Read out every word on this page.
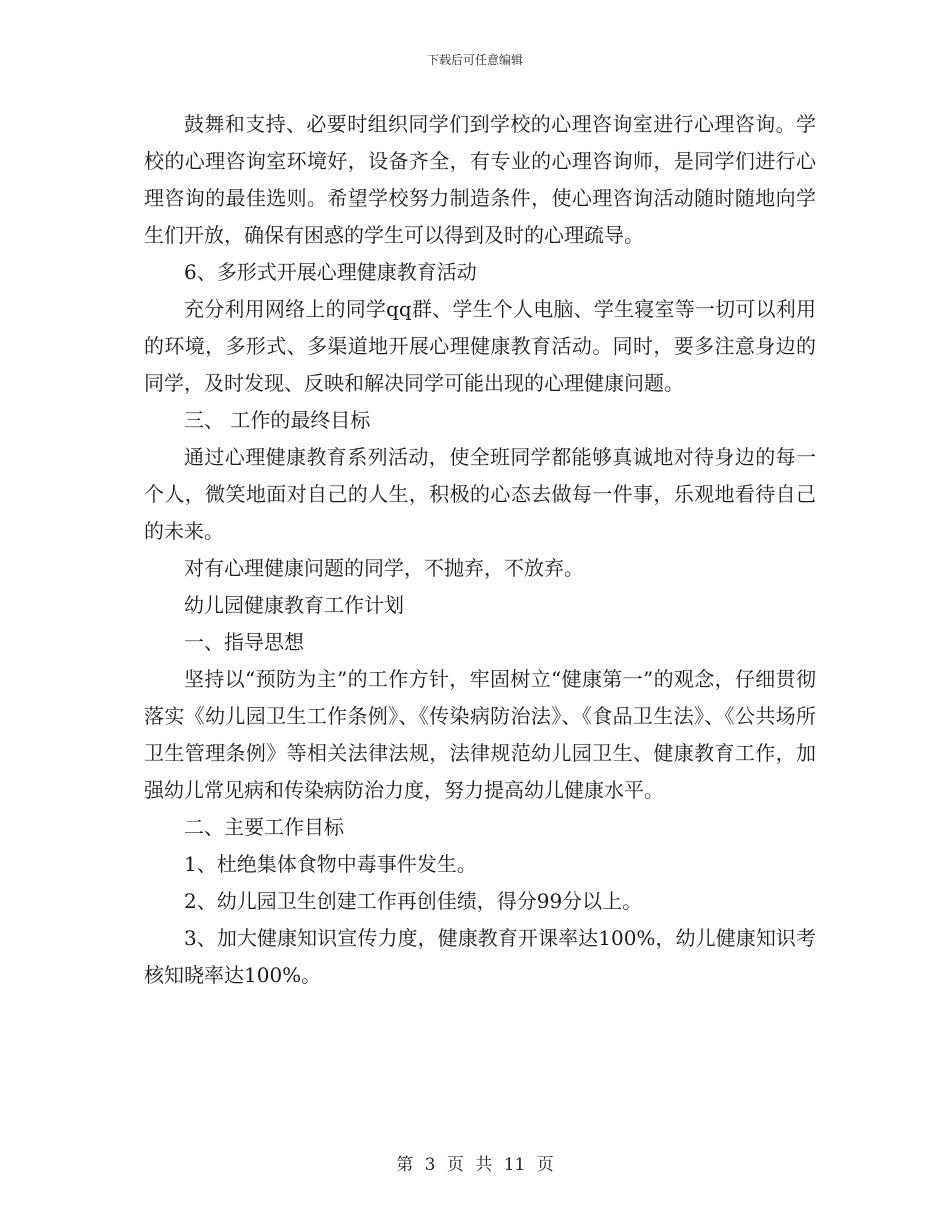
下载后可任意编辑

鼓舞和支持、必要时组织同学们到学校的心理咨询室进行心理咨询。学校的心理咨询室环境好，设备齐全，有专业的心理咨询师，是同学们进行心理咨询的最佳选则。希望学校努力制造条件，使心理咨询活动随时随地向学生们开放，确保有困惑的学生可以得到及时的心理疏导。

6、多形式开展心理健康教育活动

充分利用网络上的同学qq群、学生个人电脑、学生寝室等一切可以利用的环境，多形式、多渠道地开展心理健康教育活动。同时，要多注意身边的同学，及时发现、反映和解决同学可能出现的心理健康问题。

三、 工作的最终目标

通过心理健康教育系列活动，使全班同学都能够真诚地对待身边的每一个人，微笑地面对自己的人生，积极的心态去做每一件事，乐观地看待自己的未来。

对有心理健康问题的同学，不抛弃，不放弃。

幼儿园健康教育工作计划

一、指导思想

坚持以“预防为主”的工作方针，牢固树立“健康第一”的观念，仔细贯彻落实《幼儿园卫生工作条例》、《传染病防治法》、《食品卫生法》、《公共场所卫生管理条例》等相关法律法规，法律规范幼儿园卫生、健康教育工作，加强幼儿常见病和传染病防治力度，努力提高幼儿健康水平。

二、主要工作目标

1、杜绝集体食物中毒事件发生。

2、幼儿园卫生创建工作再创佳绩，得分99分以上。

3、加大健康知识宣传力度，健康教育开课率达100%，幼儿健康知识考核知晓率达100%。

第 3 页 共 11 页
